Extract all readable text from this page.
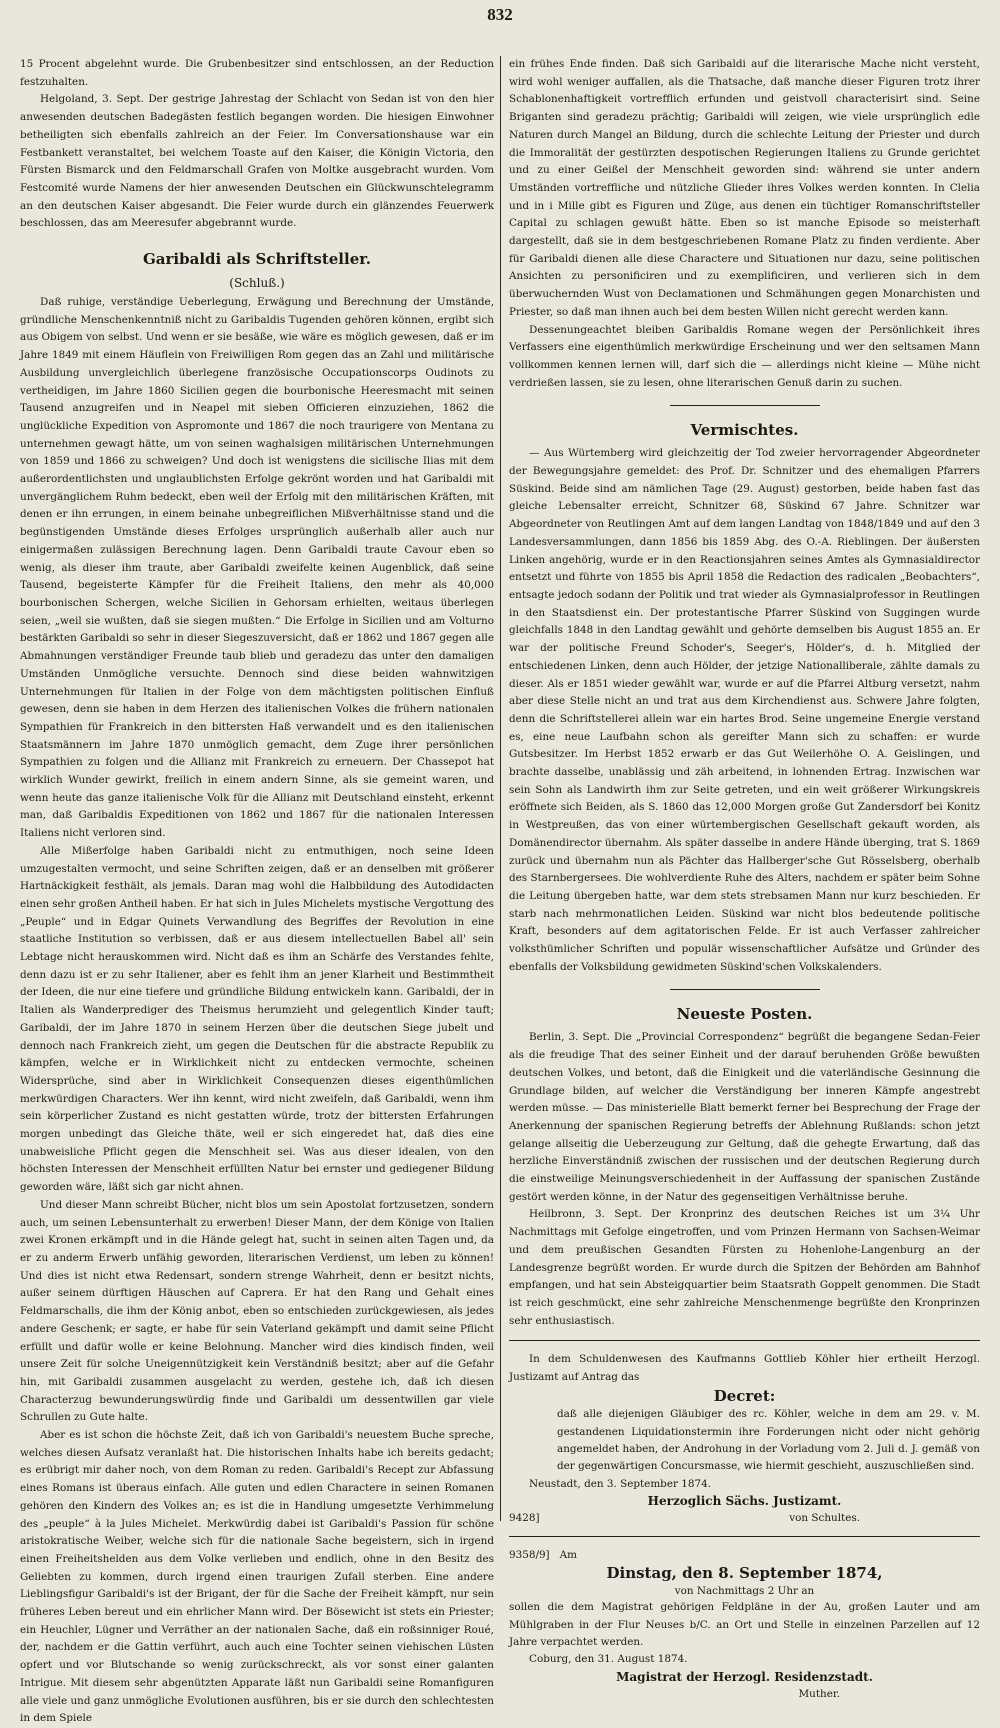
832

15 Procent abgelehnt wurde. Die Grubenbesitzer sind entschlossen, an der Reduction festzuhalten.

Helgoland, 3. Sept. Der gestrige Jahrestag der Schlacht von Sedan ist von den hier anwesenden deutschen Badegästen festlich begangen worden. Die hiesigen Einwohner betheiligten sich ebenfalls zahlreich an der Feier. Im Conversationshause war ein Festbankett veranstaltet, bei welchem Toaste auf den Kaiser, die Königin Victoria, den Fürsten Bismarck und den Feldmarschall Grafen von Moltke ausgebracht wurden. Vom Festcomité wurde Namens der hier anwesenden Deutschen ein Glückwunschtelegramm an den deutschen Kaiser abgesandt. Die Feier wurde durch ein glänzendes Feuerwerk beschlossen, das am Meeresufer abgebrannt wurde.

Garibaldi als Schriftsteller.
(Schluß.)

Daß ruhige, verständige Ueberlegung, Erwägung und Berechnung der Umstände, gründliche Menschenkenntniß nicht zu Garibaldis Tugenden gehören können, ergibt sich aus Obigem von selbst. Und wenn er sie besäße, wie wäre es möglich gewesen, daß er im Jahre 1849 mit einem Häuflein von Freiwilligen Rom gegen das an Zahl und militärische Ausbildung unvergleichlich überlegene französische Occupationscorps Oudinots zu vertheidigen, im Jahre 1860 Sicilien gegen die bourbonische Heeresmacht mit seinen Tausend anzugreifen und in Neapel mit sieben Officieren einzuziehen, 1862 die unglückliche Expedition von Aspromonte und 1867 die noch traurigere von Mentana zu unternehmen gewagt hätte, um von seinen waghalsigen militärischen Unternehmungen von 1859 und 1866 zu schweigen? Und doch ist wenigstens die sicilische Ilias mit dem außerordentlichsten und unglaublichsten Erfolge gekrönt worden und hat Garibaldi mit unvergänglichem Ruhm bedeckt, eben weil der Erfolg mit den militärischen Kräften, mit denen er ihn errungen, in einem beinahe unbegreiflichen Mißverhältnisse stand und die begünstigenden Umstände dieses Erfolges ursprünglich außerhalb aller auch nur einigermaßen zulässigen Berechnung lagen. Denn Garibaldi traute Cavour eben so wenig, als dieser ihm traute, aber Garibaldi zweifelte keinen Augenblick, daß seine Tausend, begeisterte Kämpfer für die Freiheit Italiens, den mehr als 40,000 bourbonischen Schergen, welche Sicilien in Gehorsam erhielten, weitaus überlegen seien, „weil sie wußten, daß sie siegen mußten.“ Die Erfolge in Sicilien und am Volturno bestärkten Garibaldi so sehr in dieser Siegeszuversicht, daß er 1862 und 1867 gegen alle Abmahnungen verständiger Freunde taub blieb und geradezu das unter den damaligen Umständen Unmögliche versuchte. Dennoch sind diese beiden wahnwitzigen Unternehmungen für Italien in der Folge von dem mächtigsten politischen Einfluß gewesen, denn sie haben in dem Herzen des italienischen Volkes die frühern nationalen Sympathien für Frankreich in den bittersten Haß verwandelt und es den italienischen Staatsmännern im Jahre 1870 unmöglich gemacht, dem Zuge ihrer persönlichen Sympathien zu folgen und die Allianz mit Frankreich zu erneuern. Der Chassepot hat wirklich Wunder gewirkt, freilich in einem andern Sinne, als sie gemeint waren, und wenn heute das ganze italienische Volk für die Allianz mit Deutschland einsteht, erkennt man, daß Garibaldis Expeditionen von 1862 und 1867 für die nationalen Interessen Italiens nicht verloren sind.

Alle Mißerfolge haben Garibaldi nicht zu entmuthigen, noch seine Ideen umzugestalten vermocht, und seine Schriften zeigen, daß er an denselben mit größerer Hartnäckigkeit festhält, als jemals. Daran mag wohl die Halbbildung des Autodidacten einen sehr großen Antheil haben. Er hat sich in Jules Michelets mystische Vergottung des „Peuple“ und in Edgar Quinets Verwandlung des Begriffes der Revolution in eine staatliche Institution so verbissen, daß er aus diesem intellectuellen Babel all' sein Lebtage nicht herauskommen wird. Nicht daß es ihm an Schärfe des Verstandes fehlte, denn dazu ist er zu sehr Italiener, aber es fehlt ihm an jener Klarheit und Bestimmtheit der Ideen, die nur eine tiefere und gründliche Bildung entwickeln kann. Garibaldi, der in Italien als Wanderprediger des Theismus herumzieht und gelegentlich Kinder tauft; Garibaldi, der im Jahre 1870 in seinem Herzen über die deutschen Siege jubelt und dennoch nach Frankreich zieht, um gegen die Deutschen für die abstracte Republik zu kämpfen, welche er in Wirklichkeit nicht zu entdecken vermochte, scheinen Widersprüche, sind aber in Wirklichkeit Consequenzen dieses eigenthümlichen merkwürdigen Characters. Wer ihn kennt, wird nicht zweifeln, daß Garibaldi, wenn ihm sein körperlicher Zustand es nicht gestatten würde, trotz der bittersten Erfahrungen morgen unbedingt das Gleiche thäte, weil er sich eingeredet hat, daß dies eine unabweisliche Pflicht gegen die Menschheit sei. Was aus dieser idealen, von den höchsten Interessen der Menschheit erfüllten Natur bei ernster und gediegener Bildung geworden wäre, läßt sich gar nicht ahnen.

Und dieser Mann schreibt Bücher, nicht blos um sein Apostolat fortzusetzen, sondern auch, um seinen Lebensunterhalt zu erwerben! Dieser Mann, der dem Könige von Italien zwei Kronen erkämpft und in die Hände gelegt hat, sucht in seinen alten Tagen und, da er zu anderm Erwerb unfähig geworden, literarischen Verdienst, um leben zu können! Und dies ist nicht etwa Redensart, sondern strenge Wahrheit, denn er besitzt nichts, außer seinem dürftigen Häuschen auf Caprera. Er hat den Rang und Gehalt eines Feldmarschalls, die ihm der König anbot, eben so entschieden zurückgewiesen, als jedes andere Geschenk; er sagte, er habe für sein Vaterland gekämpft und damit seine Pflicht erfüllt und dafür wolle er keine Belohnung. Mancher wird dies kindisch finden, weil unsere Zeit für solche Uneigennützigkeit kein Verständniß besitzt; aber auf die Gefahr hin, mit Garibaldi zusammen ausgelacht zu werden, gestehe ich, daß ich diesen Characterzug bewunderungswürdig finde und Garibaldi um dessentwillen gar viele Schrullen zu Gute halte.

Aber es ist schon die höchste Zeit, daß ich von Garibaldi's neuestem Buche spreche, welches diesen Aufsatz veranlaßt hat. Die historischen Inhalts habe ich bereits gedacht; es erübrigt mir daher noch, von dem Roman zu reden. Garibaldi's Recept zur Abfassung eines Romans ist überaus einfach. Alle guten und edlen Charactere in seinen Romanen gehören den Kindern des Volkes an; es ist die in Handlung umgesetzte Verhimmelung des „peuple“ à la Jules Michelet. Merkwürdig dabei ist Garibaldi's Passion für schöne aristokratische Weiber, welche sich für die nationale Sache begeistern, sich in irgend einen Freiheitshelden aus dem Volke verlieben und endlich, ohne in den Besitz des Geliebten zu kommen, durch irgend einen traurigen Zufall sterben. Eine andere Lieblingsfigur Garibaldi's ist der Brigant, der für die Sache der Freiheit kämpft, nur sein früheres Leben bereut und ein ehrlicher Mann wird. Der Bösewicht ist stets ein Priester; ein Heuchler, Lügner und Verräther an der nationalen Sache, daß ein roßsinniger Roué, der, nachdem er die Gattin verführt, auch auch eine Tochter seinen viehischen Lüsten opfert und vor Blutschande so wenig zurückschreckt, als vor sonst einer galanten Intrigue. Mit diesem sehr abgenützten Apparate läßt nun Garibaldi seine Romanfiguren alle viele und ganz unmögliche Evolutionen ausführen, bis er sie durch den schlechtesten in dem Spiele

ein frühes Ende finden. Daß sich Garibaldi auf die literarische Mache nicht versteht, wird wohl weniger auffallen, als die Thatsache, daß manche dieser Figuren trotz ihrer Schablonenhaftigkeit vortrefflich erfunden und geistvoll characterisirt sind. Seine Briganten sind geradezu prächtig; Garibaldi will zeigen, wie viele ursprünglich edle Naturen durch Mangel an Bildung, durch die schlechte Leitung der Priester und durch die Immoralität der gestürzten despotischen Regierungen Italiens zu Grunde gerichtet und zu einer Geißel der Menschheit geworden sind: während sie unter andern Umständen vortreffliche und nützliche Glieder ihres Volkes werden konnten. In Clelia und in i Mille gibt es Figuren und Züge, aus denen ein tüchtiger Romanschriftsteller Capital zu schlagen gewußt hätte. Eben so ist manche Episode so meisterhaft dargestellt, daß sie in dem bestgeschriebenen Romane Platz zu finden verdiente. Aber für Garibaldi dienen alle diese Charactere und Situationen nur dazu, seine politischen Ansichten zu personificiren und zu exemplificiren, und verlieren sich in dem überwuchernden Wust von Declamationen und Schmähungen gegen Monarchisten und Priester, so daß man ihnen auch bei dem besten Willen nicht gerecht werden kann.

Dessenungeachtet bleiben Garibaldis Romane wegen der Persönlichkeit ihres Verfassers eine eigenthümlich merkwürdige Erscheinung und wer den seltsamen Mann vollkommen kennen lernen will, darf sich die — allerdings nicht kleine — Mühe nicht verdrießen lassen, sie zu lesen, ohne literarischen Genuß darin zu suchen.

Vermischtes.

— Aus Würtemberg wird gleichzeitig der Tod zweier hervorragender Abgeordneter der Bewegungsjahre gemeldet: des Prof. Dr. Schnitzer und des ehemaligen Pfarrers Süskind. Beide sind am nämlichen Tage (29. August) gestorben, beide haben fast das gleiche Lebensalter erreicht, Schnitzer 68, Süskind 67 Jahre. Schnitzer war Abgeordneter von Reutlingen Amt auf dem langen Landtag von 1848/1849 und auf den 3 Landesversammlungen, dann 1856 bis 1859 Abg. des O.-A. Rieblingen. Der äußersten Linken angehörig, wurde er in den Reactionsjahren seines Amtes als Gymnasialdirector entsetzt und führte von 1855 bis April 1858 die Redaction des radicalen „Beobachters“, entsagte jedoch sodann der Politik und trat wieder als Gymnasialprofessor in Reutlingen in den Staatsdienst ein. Der protestantische Pfarrer Süskind von Suggingen wurde gleichfalls 1848 in den Landtag gewählt und gehörte demselben bis August 1855 an. Er war der politische Freund Schoder's, Seeger's, Hölder's, d. h. Mitglied der entschiedenen Linken, denn auch Hölder, der jetzige Nationalliberale, zählte damals zu dieser. Als er 1851 wieder gewählt war, wurde er auf die Pfarrei Altburg versetzt, nahm aber diese Stelle nicht an und trat aus dem Kirchendienst aus. Schwere Jahre folgten, denn die Schriftstellerei allein war ein hartes Brod. Seine ungemeine Energie verstand es, eine neue Laufbahn schon als gereifter Mann sich zu schaffen: er wurde Gutsbesitzer. Im Herbst 1852 erwarb er das Gut Weilerhöhe O. A. Geislingen, und brachte dasselbe, unablässig und zäh arbeitend, in lohnenden Ertrag. Inzwischen war sein Sohn als Landwirth ihm zur Seite getreten, und ein weit größerer Wirkungskreis eröffnete sich Beiden, als S. 1860 das 12,000 Morgen große Gut Zandersdorf bei Konitz in Westpreußen, das von einer würtembergischen Gesellschaft gekauft worden, als Domänendirector übernahm. Als später dasselbe in andere Hände überging, trat S. 1869 zurück und übernahm nun als Pächter das Hallberger'sche Gut Rösselsberg, oberhalb des Starnbergersees. Die wohlverdiente Ruhe des Alters, nachdem er später beim Sohne die Leitung übergeben hatte, war dem stets strebsamen Mann nur kurz beschieden. Er starb nach mehrmonatlichen Leiden. Süskind war nicht blos bedeutende politische Kraft, besonders auf dem agitatorischen Felde. Er ist auch Verfasser zahlreicher volksthümlicher Schriften und populär wissenschaftlicher Aufsätze und Gründer des ebenfalls der Volksbildung gewidmeten Süskind'schen Volkskalenders.

Neueste Posten.

Berlin, 3. Sept. Die „Provincial Correspondenz“ begrüßt die begangene Sedan-Feier als die freudige That des seiner Einheit und der darauf beruhenden Größe bewußten deutschen Volkes, und betont, daß die Einigkeit und die vaterländische Gesinnung die Grundlage bilden, auf welcher die Verständigung ber inneren Kämpfe angestrebt werden müsse. — Das ministerielle Blatt bemerkt ferner bei Besprechung der Frage der Anerkennung der spanischen Regierung betreffs der Ablehnung Rußlands: schon jetzt gelange allseitig die Ueberzeugung zur Geltung, daß die gehegte Erwartung, daß das herzliche Einverständniß zwischen der russischen und der deutschen Regierung durch die einstweilige Meinungsverschiedenheit in der Auffassung der spanischen Zustände gestört werden könne, in der Natur des gegenseitigen Verhältnisse beruhe.

Heilbronn, 3. Sept. Der Kronprinz des deutschen Reiches ist um 3¼ Uhr Nachmittags mit Gefolge eingetroffen, und vom Prinzen Hermann von Sachsen-Weimar und dem preußischen Gesandten Fürsten zu Hohenlohe-Langenburg an der Landesgrenze begrüßt worden. Er wurde durch die Spitzen der Behörden am Bahnhof empfangen, und hat sein Absteigquartier beim Staatsrath Goppelt genommen. Die Stadt ist reich geschmückt, eine sehr zahlreiche Menschenmenge begrüßte den Kronprinzen sehr enthusiastisch.

In dem Schuldenwesen des Kaufmanns Gottlieb Köhler hier ertheilt Herzogl. Justizamt auf Antrag das

Decret:

daß alle diejenigen Gläubiger des rc. Köhler, welche in dem am 29. v. M. gestandenen Liquidationstermin ihre Forderungen nicht oder nicht gehörig angemeldet haben, der Androhung in der Vorladung vom 2. Juli d. J. gemäß von der gegenwärtigen Concursmasse, wie hiermit geschieht, auszuschließen sind.

Neustadt, den 3. September 1874.

Herzoglich Sächs. Justizamt.
9428]	von Schultes.
9358/9] Am
Dinstag, den 8. September 1874,
von Nachmittags 2 Uhr an

sollen die dem Magistrat gehörigen Feldpläne in der Au, großen Lauter und am Mühlgraben in der Flur Neuses b/C. an Ort und Stelle in einzelnen Parzellen auf 12 Jahre verpachtet werden.

Coburg, den 31. August 1874.

Magistrat der Herzogl. Residenzstadt.
Muther.
